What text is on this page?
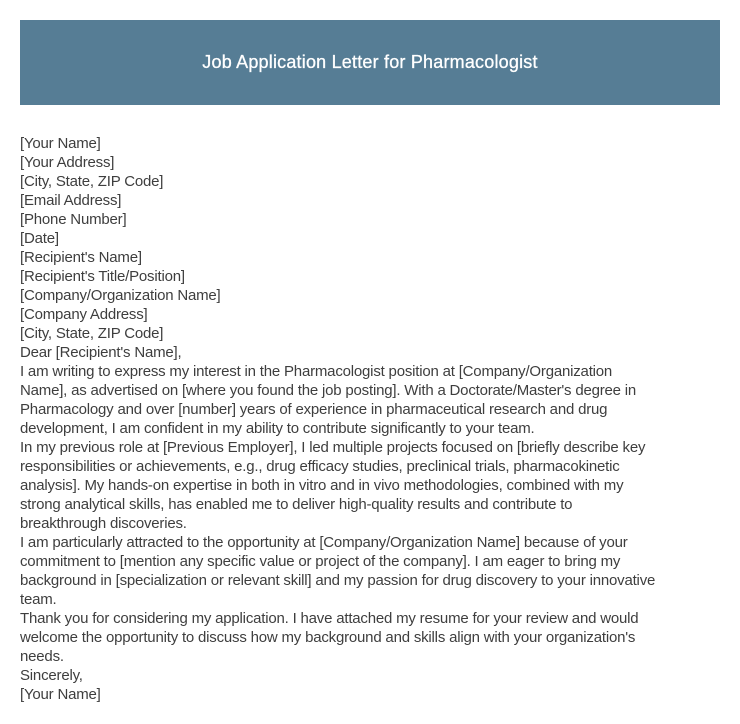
Job Application Letter for Pharmacologist
[Your Name]
[Your Address]
[City, State, ZIP Code]
[Email Address]
[Phone Number]
[Date]
[Recipient's Name]
[Recipient's Title/Position]
[Company/Organization Name]
[Company Address]
[City, State, ZIP Code]
Dear [Recipient's Name],
I am writing to express my interest in the Pharmacologist position at [Company/Organization
Name], as advertised on [where you found the job posting]. With a Doctorate/Master's degree in
Pharmacology and over [number] years of experience in pharmaceutical research and drug
development, I am confident in my ability to contribute significantly to your team.
In my previous role at [Previous Employer], I led multiple projects focused on [briefly describe key
responsibilities or achievements, e.g., drug efficacy studies, preclinical trials, pharmacokinetic
analysis]. My hands-on expertise in both in vitro and in vivo methodologies, combined with my
strong analytical skills, has enabled me to deliver high-quality results and contribute to
breakthrough discoveries.
I am particularly attracted to the opportunity at [Company/Organization Name] because of your
commitment to [mention any specific value or project of the company]. I am eager to bring my
background in [specialization or relevant skill] and my passion for drug discovery to your innovative
team.
Thank you for considering my application. I have attached my resume for your review and would
welcome the opportunity to discuss how my background and skills align with your organization's
needs.
Sincerely,
[Your Name]
